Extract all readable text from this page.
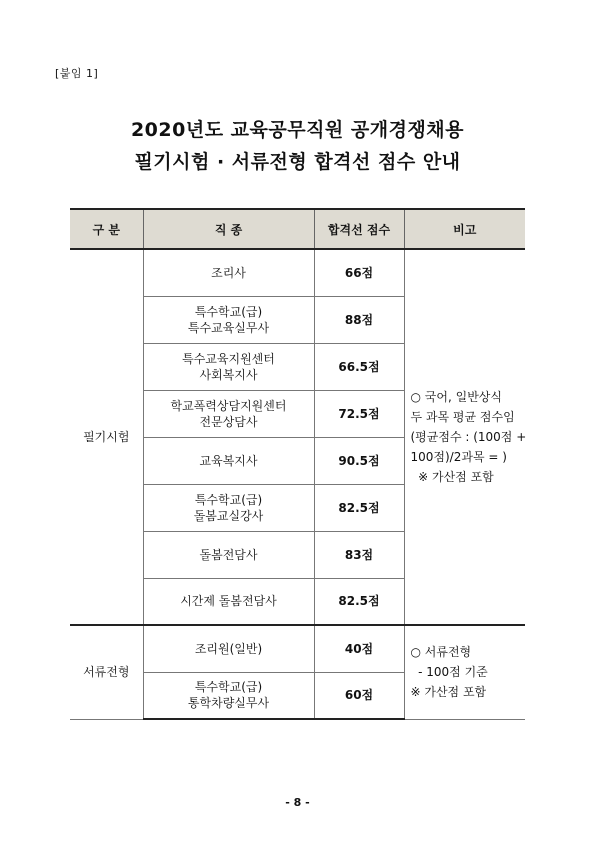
[붙임 1]
2020년도 교육공무직원 공개경쟁채용
필기시험 · 서류전형 합격선 점수 안내
구 분	직 종	합격선 점수	비고
필기시험	조리사	66점	○ 국어, 일반상식
두 과목 평균 점수임
(평균점수 : (100점 +
100점)/2과목 = )
※ 가산점 포함

	특수학교(급)
특수교육실무사	88점	

	특수교육지원센터
사회복지사	66.5점	

	학교폭력상담지원센터
전문상담사	72.5점	

	교육복지사	90.5점	

	특수학교(급)
돌봄교실강사	82.5점	

	돌봄전담사	83점	

	시간제 돌봄전담사	82.5점	
서류전형	조리원(일반)	40점	○ 서류전형
- 100점 기준
※ 가산점 포함

	특수학교(급)
통학차량실무사	60점	
- 8 -
